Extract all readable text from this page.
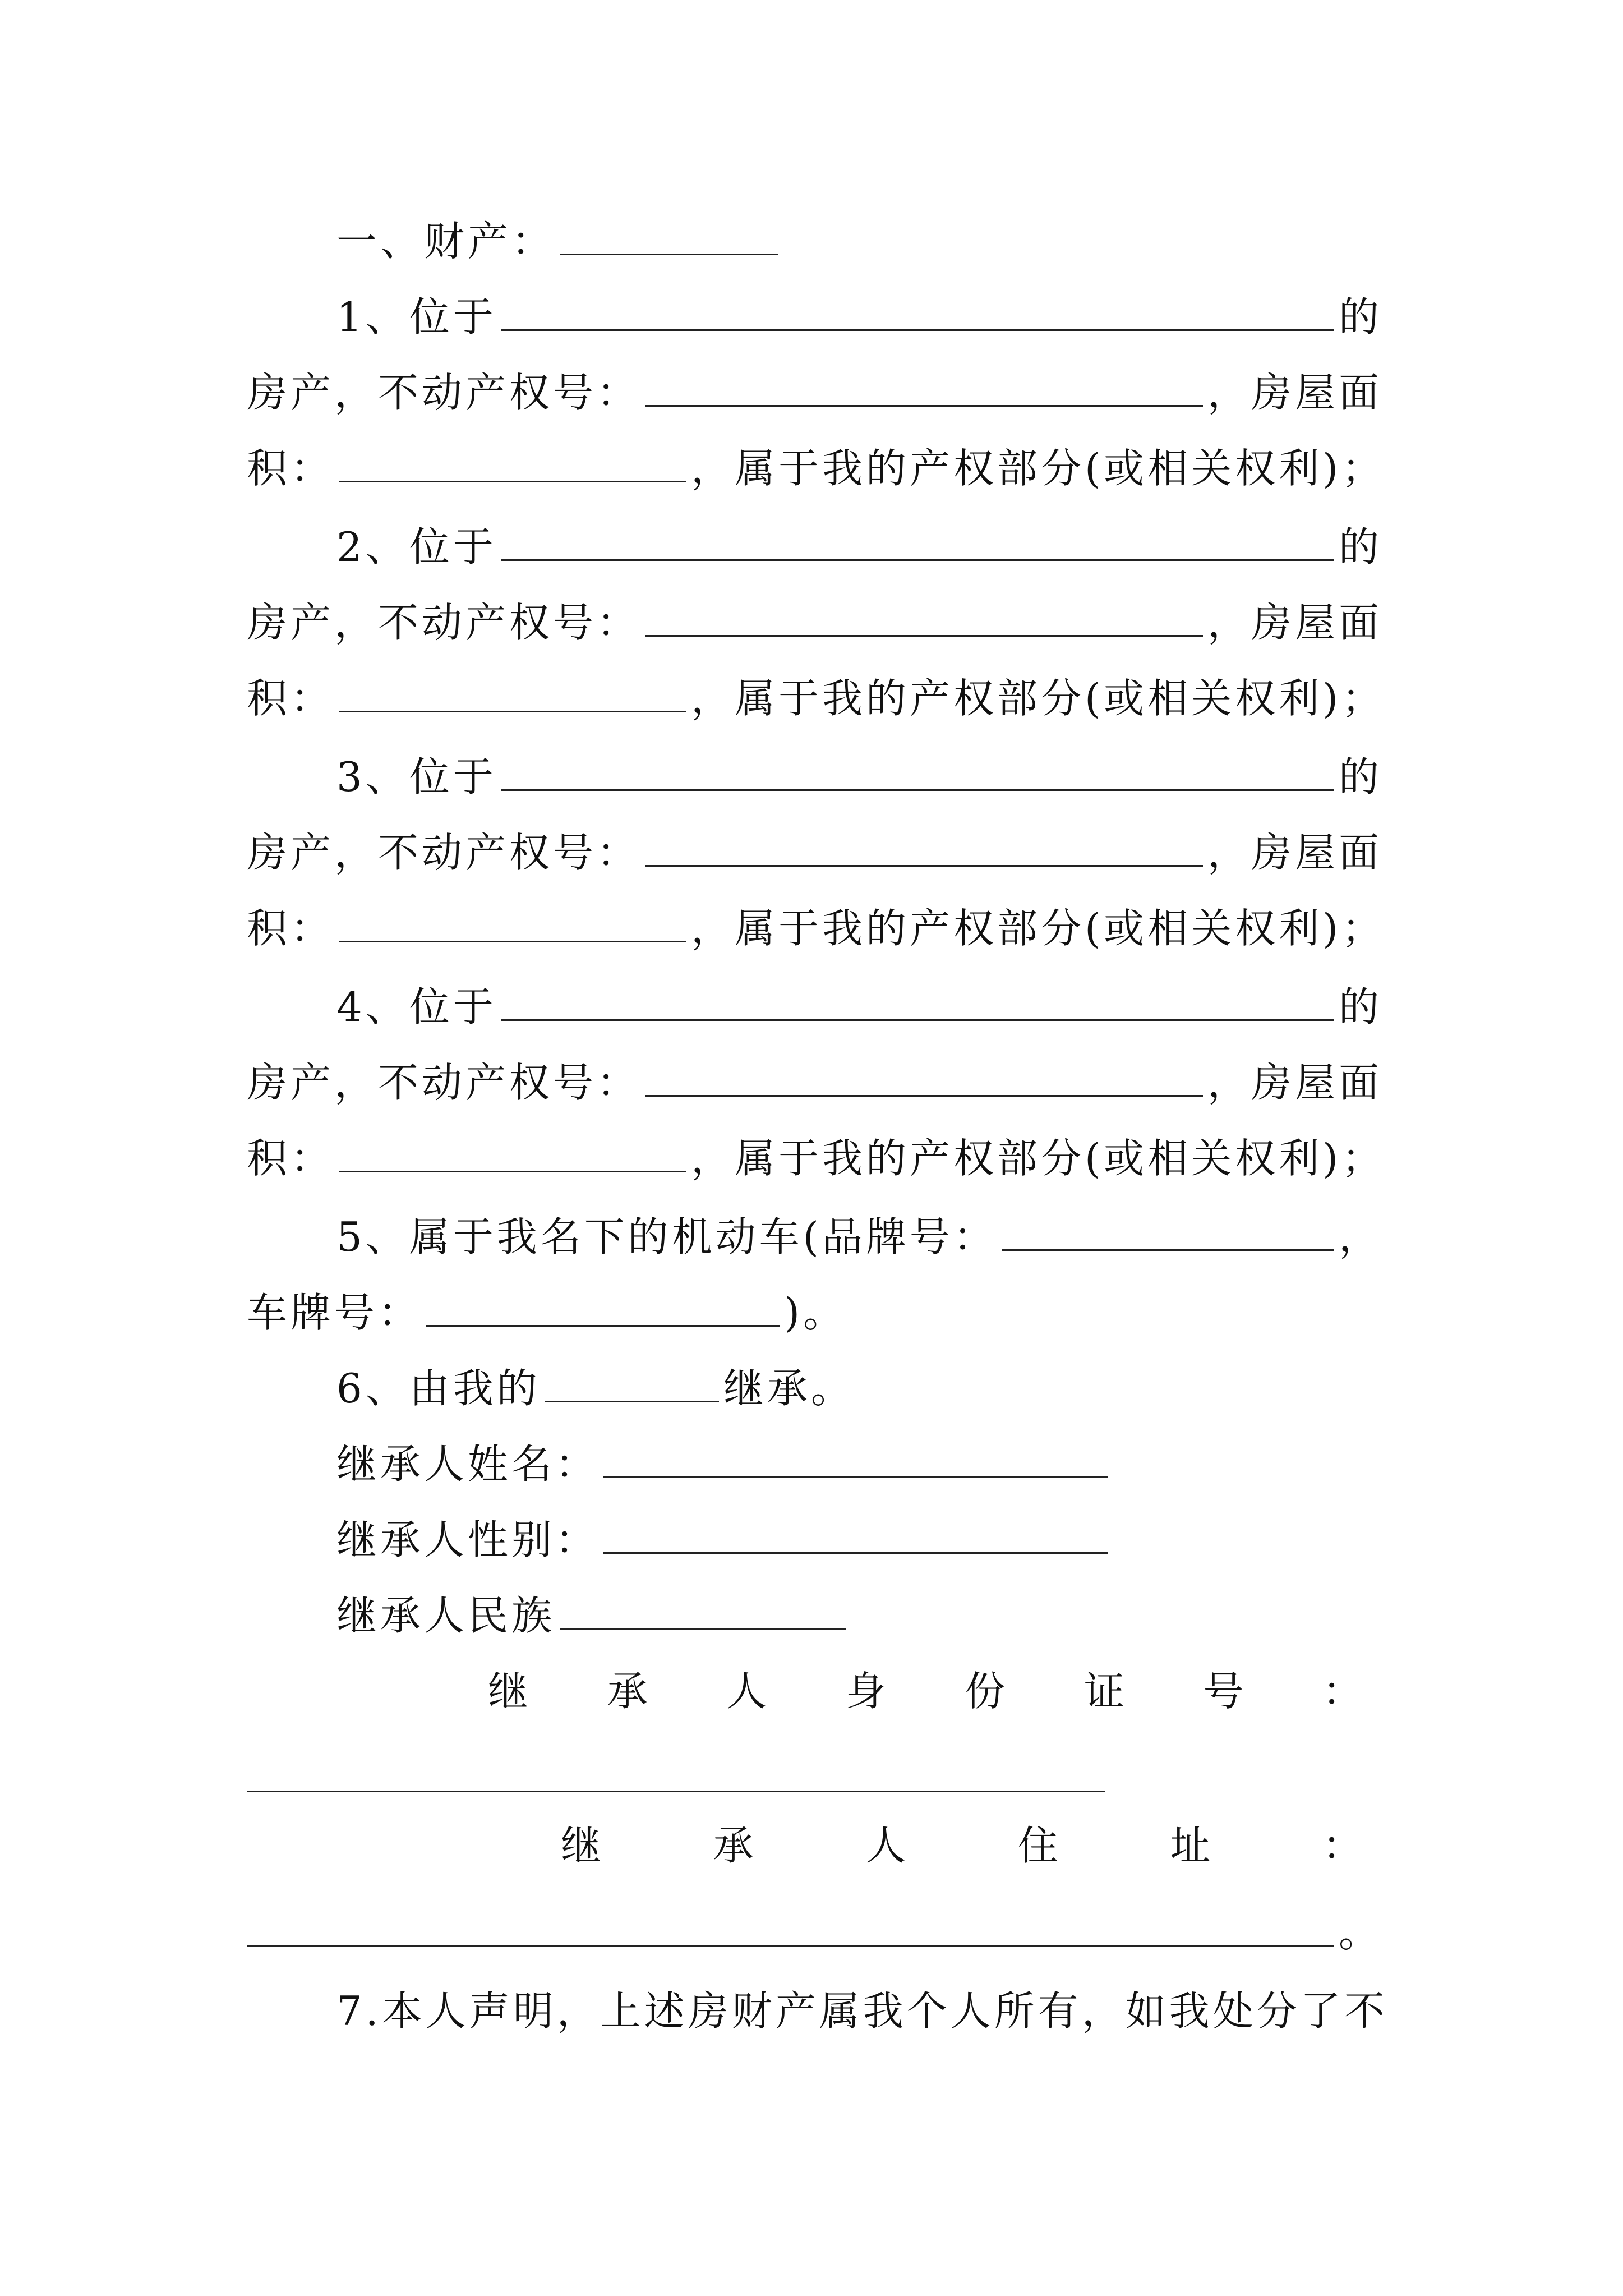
一、财产：
1、位于	的
房产，不动产权号：	，房屋面
积：	，属于我的产权部分(或相关权利)；
2、位于	的
房产，不动产权号：	，房屋面
积：	，属于我的产权部分(或相关权利)；
3、位于	的
房产，不动产权号：	，房屋面
积：	，属于我的产权部分(或相关权利)；
4、位于	的
房产，不动产权号：	，房屋面
积：	，属于我的产权部分(或相关权利)；
5、属于我名下的机动车(品牌号：	，
车牌号：	)。
6、由我的	继承。
继承人姓名：
继承人性别：
继承人民族
继 承 人 身 份 证 号 ：
继	承	人	住	址	：
。
7.本人声明，上述房财产属我个人所有，如我处分了不
